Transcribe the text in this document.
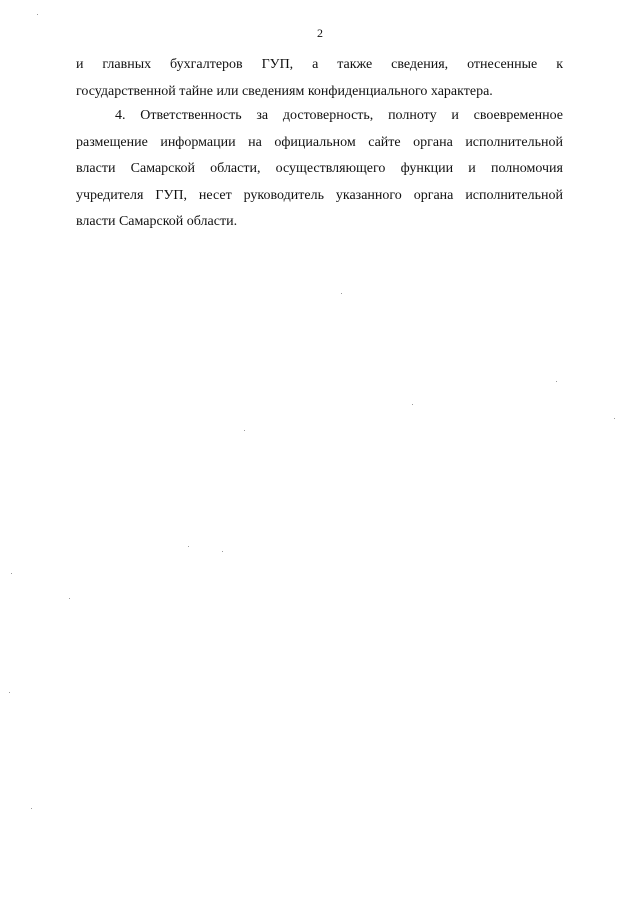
2
и главных бухгалтеров ГУП, а также сведения, отнесенные к
государственной тайне или сведениям конфиденциального характера.
4. Ответственность за достоверность, полноту и своевременное
размещение информации на официальном сайте органа исполнительной
власти Самарской области, осуществляющего функции и полномочия
учредителя ГУП, несет руководитель указанного органа исполнительной
власти Самарской области.
